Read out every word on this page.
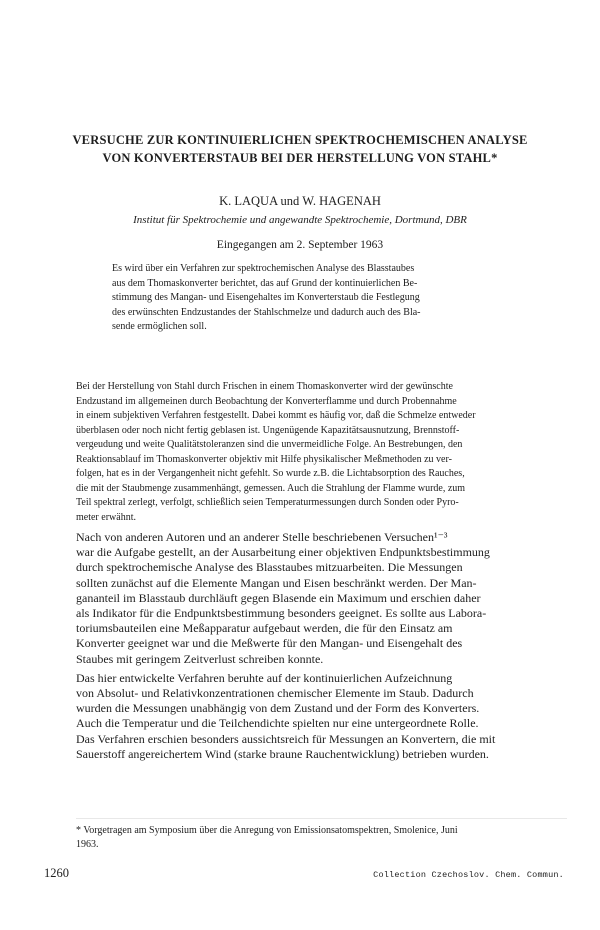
VERSUCHE ZUR KONTINUIERLICHEN SPEKTROCHEMISCHEN ANALYSE
VON KONVERTERSTAUB BEI DER HERSTELLUNG VON STAHL*
K. LAQUA und W. HAGENAH
Institut für Spektrochemie und angewandte Spektrochemie, Dortmund, DBR
Eingegangen am 2. September 1963

Es wird über ein Verfahren zur spektrochemischen Analyse des Blasstaubes
aus dem Thomaskonverter berichtet, das auf Grund der kontinuierlichen Be-
stimmung des Mangan- und Eisengehaltes im Konverterstaub die Festlegung
des erwünschten Endzustandes der Stahlschmelze und dadurch auch des Bla-
sende ermöglichen soll.

Bei der Herstellung von Stahl durch Frischen in einem Thomaskonverter wird der gewünschte
Endzustand im allgemeinen durch Beobachtung der Konverterflamme und durch Probennahme
in einem subjektiven Verfahren festgestellt. Dabei kommt es häufig vor, daß die Schmelze entweder
überblasen oder noch nicht fertig geblasen ist. Ungenügende Kapazitätsausnutzung, Brennstoff-
vergeudung und weite Qualitätstoleranzen sind die unvermeidliche Folge. An Bestrebungen, den
Reaktionsablauf im Thomaskonverter objektiv mit Hilfe physikalischer Meßmethoden zu ver-
folgen, hat es in der Vergangenheit nicht gefehlt. So wurde z.B. die Lichtabsorption des Rauches,
die mit der Staubmenge zusammenhängt, gemessen. Auch die Strahlung der Flamme wurde, zum
Teil spektral zerlegt, verfolgt, schließlich seien Temperaturmessungen durch Sonden oder Pyro-
meter erwähnt.

Nach von anderen Autoren und an anderer Stelle beschriebenen Versuchen¹⁻³
war die Aufgabe gestellt, an der Ausarbeitung einer objektiven Endpunktsbestimmung
durch spektrochemische Analyse des Blasstaubes mitzuarbeiten. Die Messungen
sollten zunächst auf die Elemente Mangan und Eisen beschränkt werden. Der Man-
gananteil im Blasstaub durchläuft gegen Blasende ein Maximum und erschien daher
als Indikator für die Endpunktsbestimmung besonders geeignet. Es sollte aus Labora-
toriumsbauteilen eine Meßapparatur aufgebaut werden, die für den Einsatz am
Konverter geeignet war und die Meßwerte für den Mangan- und Eisengehalt des
Staubes mit geringem Zeitverlust schreiben konnte.
Das hier entwickelte Verfahren beruhte auf der kontinuierlichen Aufzeichnung
von Absolut- und Relativkonzentrationen chemischer Elemente im Staub. Dadurch
wurden die Messungen unabhängig von dem Zustand und der Form des Konverters.
Auch die Temperatur und die Teilchendichte spielten nur eine untergeordnete Rolle.
Das Verfahren erschien besonders aussichtsreich für Messungen an Konvertern, die mit
Sauerstoff angereichertem Wind (starke braune Rauchentwicklung) betrieben wurden.

* Vorgetragen am Symposium über die Anregung von Emissionsatomspektren, Smolenice, Juni
1963.

1260	Collection Czechoslov. Chem. Commun.
